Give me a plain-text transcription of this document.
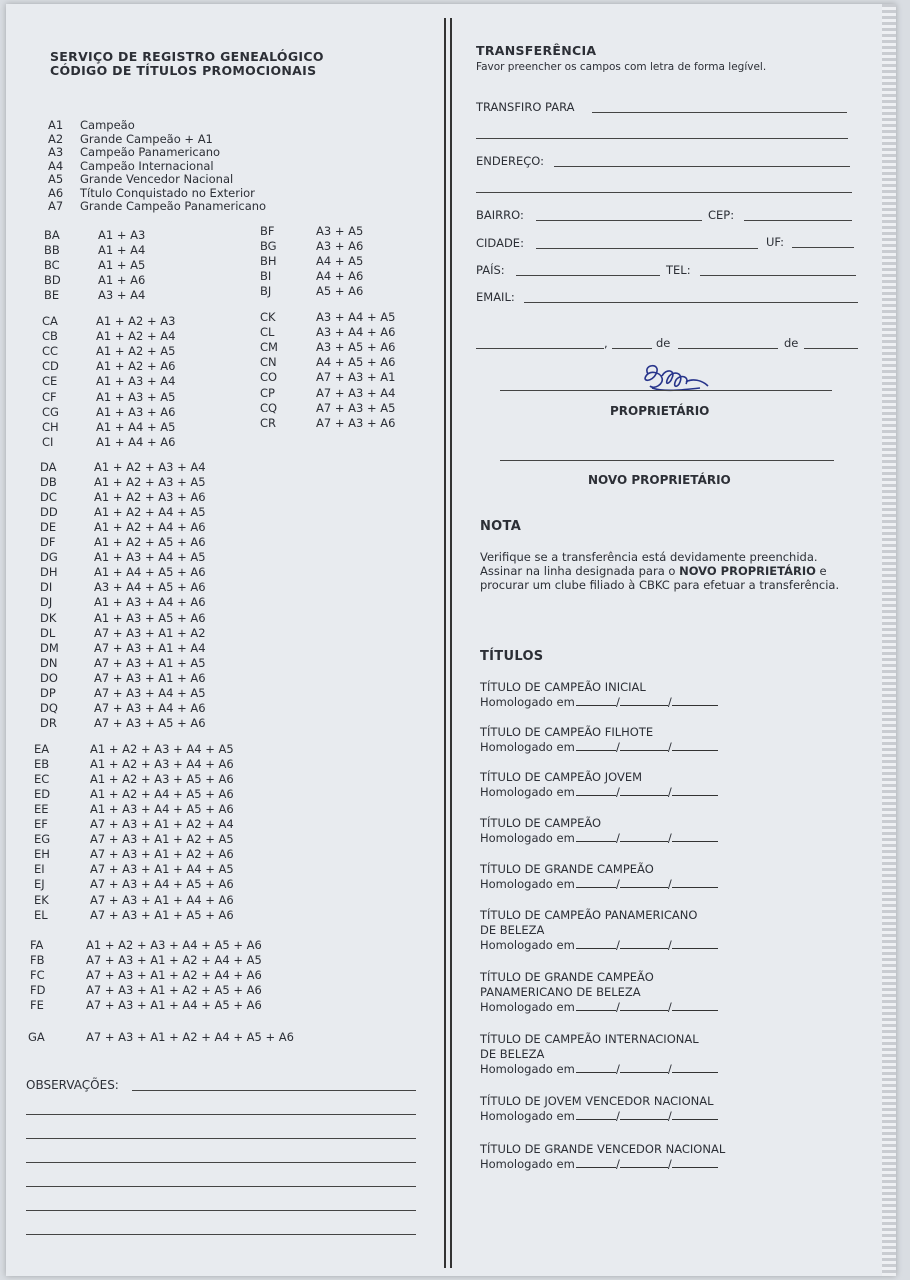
SERVIÇO DE REGISTRO GENEALÓGICO
CÓDIGO DE TÍTULOS PROMOCIONAIS
A1 Campeão
A2 Grande Campeão + A1
A3 Campeão Panamericano
A4 Campeão Internacional
A5 Grande Vencedor Nacional
A6 Título Conquistado no Exterior
A7 Grande Campeão Panamericano
BA	A1 + A3
BB	A1 + A4
BC	A1 + A5
BD	A1 + A6
BE	A3 + A4
BF	A3 + A5
BG	A3 + A6
BH	A4 + A5
BI	A4 + A6
BJ	A5 + A6
CA	A1 + A2 + A3
CB	A1 + A2 + A4
CC	A1 + A2 + A5
CD	A1 + A2 + A6
CE	A1 + A3 + A4
CF	A1 + A3 + A5
CG	A1 + A3 + A6
CH	A1 + A4 + A5
CI	A1 + A4 + A6
CK	A3 + A4 + A5
CL	A3 + A4 + A6
CM	A3 + A5 + A6
CN	A4 + A5 + A6
CO	A7 + A3 + A1
CP	A7 + A3 + A4
CQ	A7 + A3 + A5
CR	A7 + A3 + A6
DA	A1 + A2 + A3 + A4
DB	A1 + A2 + A3 + A5
DC	A1 + A2 + A3 + A6
DD	A1 + A2 + A4 + A5
DE	A1 + A2 + A4 + A6
DF	A1 + A2 + A5 + A6
DG	A1 + A3 + A4 + A5
DH	A1 + A4 + A5 + A6
DI	A3 + A4 + A5 + A6
DJ	A1 + A3 + A4 + A6
DK	A1 + A3 + A5 + A6
DL	A7 + A3 + A1 + A2
DM	A7 + A3 + A1 + A4
DN	A7 + A3 + A1 + A5
DO	A7 + A3 + A1 + A6
DP	A7 + A3 + A4 + A5
DQ	A7 + A3 + A4 + A6
DR	A7 + A3 + A5 + A6
EA	A1 + A2 + A3 + A4 + A5
EB	A1 + A2 + A3 + A4 + A6
EC	A1 + A2 + A3 + A5 + A6
ED	A1 + A2 + A4 + A5 + A6
EE	A1 + A3 + A4 + A5 + A6
EF	A7 + A3 + A1 + A2 + A4
EG	A7 + A3 + A1 + A2 + A5
EH	A7 + A3 + A1 + A2 + A6
EI	A7 + A3 + A1 + A4 + A5
EJ	A7 + A3 + A4 + A5 + A6
EK	A7 + A3 + A1 + A4 + A6
EL	A7 + A3 + A1 + A5 + A6
FA	A1 + A2 + A3 + A4 + A5 + A6
FB	A7 + A3 + A1 + A2 + A4 + A5
FC	A7 + A3 + A1 + A2 + A4 + A6
FD	A7 + A3 + A1 + A2 + A5 + A6
FE	A7 + A3 + A1 + A4 + A5 + A6
GA	A7 + A3 + A1 + A2 + A4 + A5 + A6
OBSERVAÇÕES:
TRANSFERÊNCIA
Favor preencher os campos com letra de forma legível.
TRANSFIRO PARA
ENDEREÇO:
BAIRRO:	CEP:
CIDADE:	UF:
PAÍS:	TEL:
EMAIL:
,	de	de
PROPRIETÁRIO
NOVO PROPRIETÁRIO
NOTA
Verifique se a transferência está devidamente preenchida.
Assinar na linha designada para o NOVO PROPRIETÁRIO e
procurar um clube filiado à CBKC para efetuar a transferência.
TÍTULOS
TÍTULO DE CAMPEÃO INICIAL
Homologado em	/	/
TÍTULO DE CAMPEÃO FILHOTE
Homologado em	/	/
TÍTULO DE CAMPEÃO JOVEM
Homologado em	/	/
TÍTULO DE CAMPEÃO
Homologado em	/	/
TÍTULO DE GRANDE CAMPEÃO
Homologado em	/	/
TÍTULO DE CAMPEÃO PANAMERICANO
DE BELEZA
Homologado em	/	/
TÍTULO DE GRANDE CAMPEÃO
PANAMERICANO DE BELEZA
Homologado em	/	/
TÍTULO DE CAMPEÃO INTERNACIONAL
DE BELEZA
Homologado em	/	/
TÍTULO DE JOVEM VENCEDOR NACIONAL
Homologado em	/	/
TÍTULO DE GRANDE VENCEDOR NACIONAL
Homologado em	/	/
